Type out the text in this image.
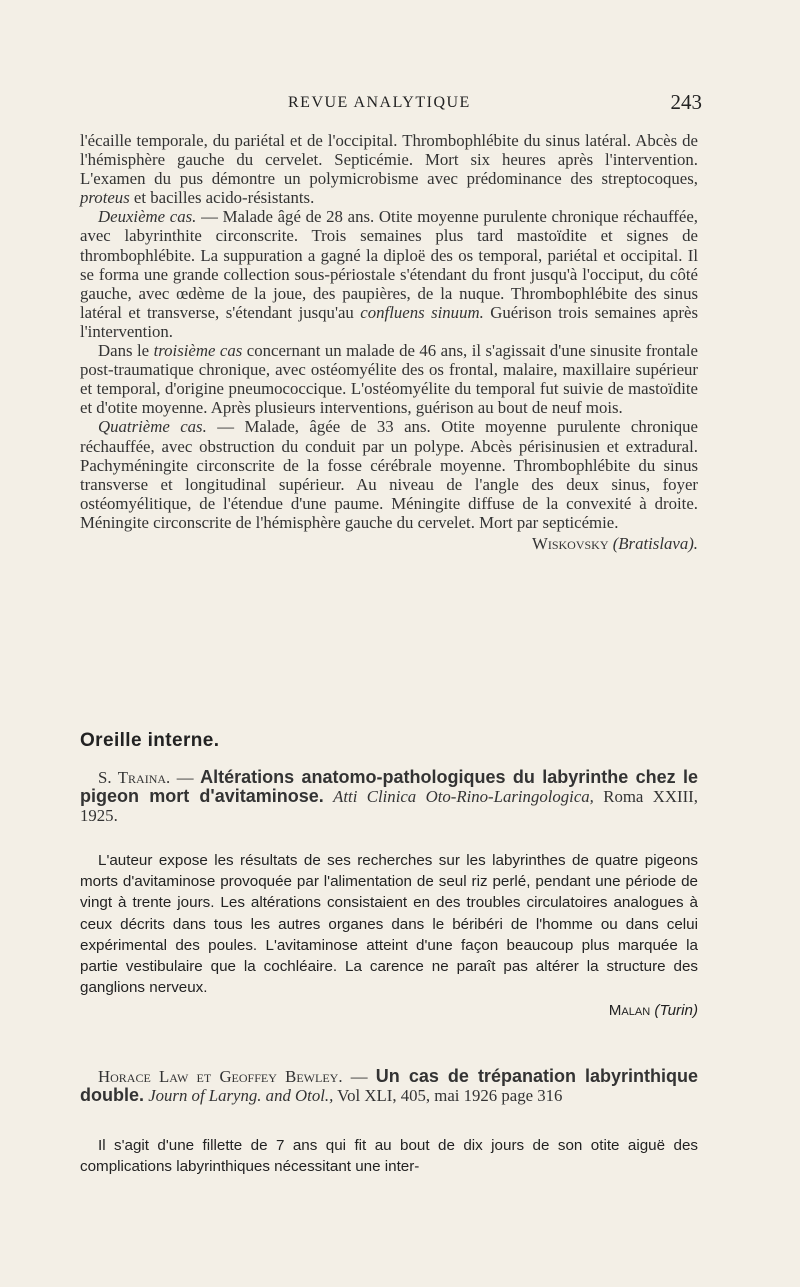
REVUE ANALYTIQUE	243
l'écaille temporale, du pariétal et de l'occipital. Thrombophlébite du sinus latéral. Abcès de l'hémisphère gauche du cervelet. Septicémie. Mort six heures après l'intervention. L'examen du pus démontre un polymicrobisme avec prédominance des streptocoques, proteus et bacilles acido-résistants.
Deuxième cas. — Malade âgé de 28 ans. Otite moyenne purulente chronique réchauffée, avec labyrinthite circonscrite. Trois semaines plus tard mastoïdite et signes de thrombophlébite. La suppuration a gagné la diploë des os temporal, pariétal et occipital. Il se forma une grande collection sous-périostale s'étendant du front jusqu'à l'occiput, du côté gauche, avec œdème de la joue, des paupières, de la nuque. Thrombophlébite des sinus latéral et transverse, s'étendant jusqu'au confluens sinuum. Guérison trois semaines après l'intervention.
Dans le troisième cas concernant un malade de 46 ans, il s'agissait d'une sinusite frontale post-traumatique chronique, avec ostéomyélite des os frontal, malaire, maxillaire supérieur et temporal, d'origine pneumococcique. L'ostéomyélite du temporal fut suivie de mastoïdite et d'otite moyenne. Après plusieurs interventions, guérison au bout de neuf mois.
Quatrième cas. — Malade, âgée de 33 ans. Otite moyenne purulente chronique réchauffée, avec obstruction du conduit par un polype. Abcès périsinusien et extradural. Pachyméningite circonscrite de la fosse cérébrale moyenne. Thrombophlébite du sinus transverse et longitudinal supérieur. Au niveau de l'angle des deux sinus, foyer ostéomyélitique, de l'étendue d'une paume. Méningite diffuse de la convexité à droite. Méningite circonscrite de l'hémisphère gauche du cervelet. Mort par septicémie.
Wiskovsky (Bratislava).
Oreille interne.
S. Traina. — Altérations anatomo-pathologiques du labyrinthe chez le pigeon mort d'avitaminose. Atti Clinica Oto-Rino-Laringologica, Roma XXIII, 1925.
L'auteur expose les résultats de ses recherches sur les labyrinthes de quatre pigeons morts d'avitaminose provoquée par l'alimentation de seul riz perlé, pendant une période de vingt à trente jours. Les altérations consistaient en des troubles circulatoires analogues à ceux décrits dans tous les autres organes dans le béribéri de l'homme ou dans celui expérimental des poules. L'avitaminose atteint d'une façon beaucoup plus marquée la partie vestibulaire que la cochléaire. La carence ne paraît pas altérer la structure des ganglions nerveux.
Malan (Turin)
Horace Law et Geoffey Bewley. — Un cas de trépanation labyrinthique double. Journ of Laryng. and Otol., Vol XLI, 405, mai 1926 page 316
Il s'agit d'une fillette de 7 ans qui fit au bout de dix jours de son otite aiguë des complications labyrinthiques nécessitant une inter-
